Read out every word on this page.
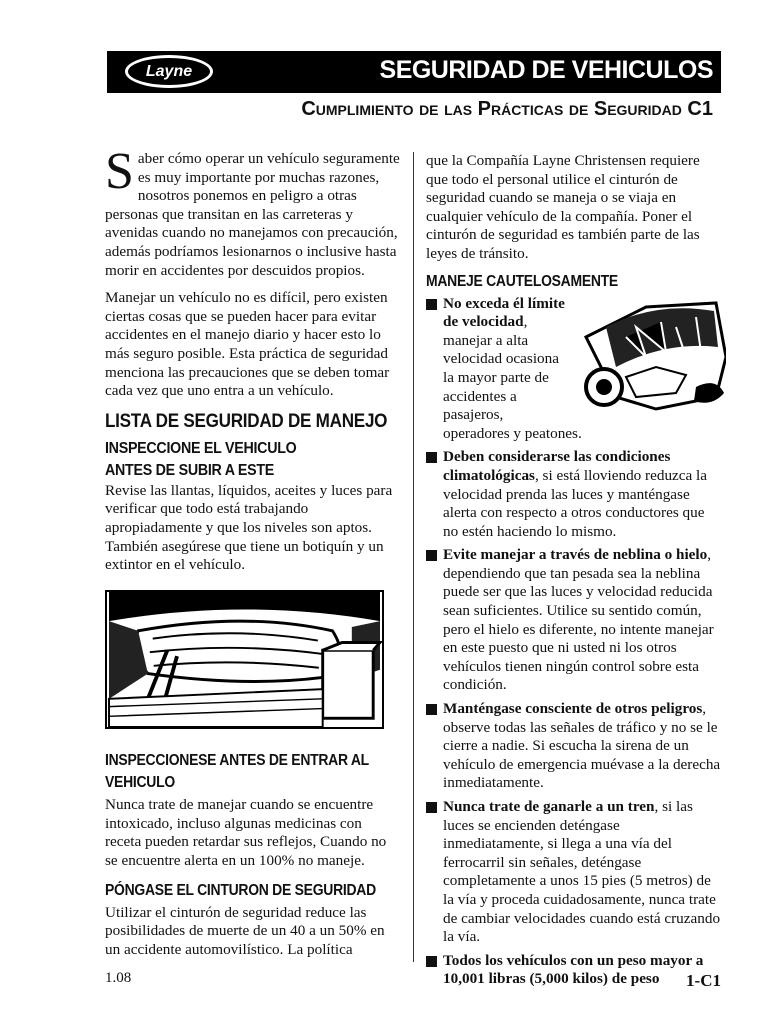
Layne	SEGURIDAD DE VEHICULOS
Cumplimiento de las Prácticas de Seguridad C1

Saber cómo operar un vehículo seguramente es muy importante por muchas razones, nosotros ponemos en peligro a otras personas que transitan en las carreteras y avenidas cuando no manejamos con precaución, además podríamos lesionarnos o inclusive hasta morir en accidentes por descuidos propios.

Manejar un vehículo no es difícil, pero existen ciertas cosas que se pueden hacer para evitar accidentes en el manejo diario y hacer esto lo más seguro posible. Esta práctica de seguridad menciona las precauciones que se deben tomar cada vez que uno entra a un vehículo.

LISTA DE SEGURIDAD DE MANEJO
INSPECCIONE EL VEHICULO
ANTES DE SUBIR A ESTE

Revise las llantas, líquidos, aceites y luces para verificar que todo está trabajando apropiadamente y que los niveles son aptos. También asegúrese que tiene un botiquín y un extintor en el vehículo.

INSPECCIONESE ANTES DE ENTRAR AL
VEHICULO

Nunca trate de manejar cuando se encuentre intoxicado, incluso algunas medicinas con receta pueden retardar sus reflejos, Cuando no se encuentre alerta en un 100% no maneje.

PÓNGASE EL CINTURON DE SEGURIDAD

Utilizar el cinturón de seguridad reduce las posibilidades de muerte de un 40 a un 50% en un accidente automovilístico. La política

que la Compañía Layne Christensen requiere que todo el personal utilice el cinturón de seguridad cuando se maneja o se viaja en cualquier vehículo de la compañía. Poner el cinturón de seguridad es también parte de las leyes de tránsito.

MANEJE CAUTELOSAMENTE
No exceda él límite de velocidad, manejar a alta velocidad ocasiona la mayor parte de accidentes a pasajeros, operadores y peatones.
Deben considerarse las condiciones climatológicas, si está lloviendo reduzca la velocidad prenda las luces y manténgase alerta con respecto a otros conductores que no estén haciendo lo mismo.
Evite manejar a través de neblina o hielo, dependiendo que tan pesada sea la neblina puede ser que las luces y velocidad reducida sean suficientes. Utilice su sentido común, pero el hielo es diferente, no intente manejar en este puesto que ni usted ni los otros vehículos tienen ningún control sobre esta condición.
Manténgase consciente de otros peligros, observe todas las señales de tráfico y no se le cierre a nadie. Si escucha la sirena de un vehículo de emergencia muévase a la derecha inmediatamente.
Nunca trate de ganarle a un tren, si las luces se encienden deténgase inmediatamente, si llega a una vía del ferrocarril sin señales, deténgase completamente a unos 15 pies (5 metros) de la vía y proceda cuidadosamente, nunca trate de cambiar velocidades cuando está cruzando la vía.
Todos los vehículos con un peso mayor a 10,001 libras (5,000 kilos) de peso
1.08	1-C1
